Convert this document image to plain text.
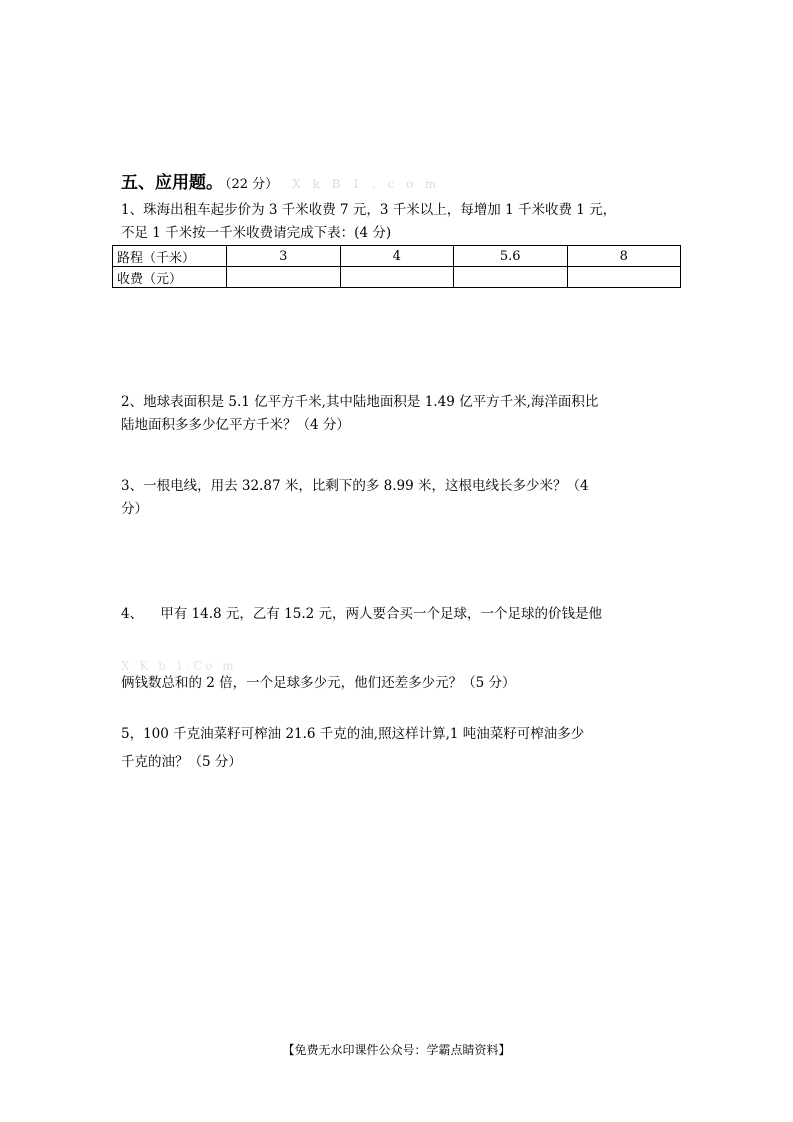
五、应用题。 （22 分） X k B 1 . c o m
1、珠海出租车起步价为 3 千米收费 7 元，3 千米以上，每增加 1 千米收费 1 元，
不足 1 千米按一千米收费请完成下表：(4 分)
路程（千米）	3	4	5.6	8
收费（元）				
2、地球表面积是 5.1 亿平方千米,其中陆地面积是 1.49 亿平方千米,海洋面积比
陆地面积多多少亿平方千米？（4 分）
3、一根电线，用去 32.87 米，比剩下的多 8.99 米，这根电线长多少米？（4
分）

4、    甲有 14.8 元，乙有 15.2 元，两人要合买一个足球，一个足球的价钱是他

俩钱数总和的 2 倍，一个足球多少元，他们还差多少元？（5 分）

X K b 1.Co m
5，100 千克油菜籽可榨油 21.6 千克的油,照这样计算,1 吨油菜籽可榨油多少
千克的油？（5 分）
【免费无水印课件公众号：学霸点睛资料】
